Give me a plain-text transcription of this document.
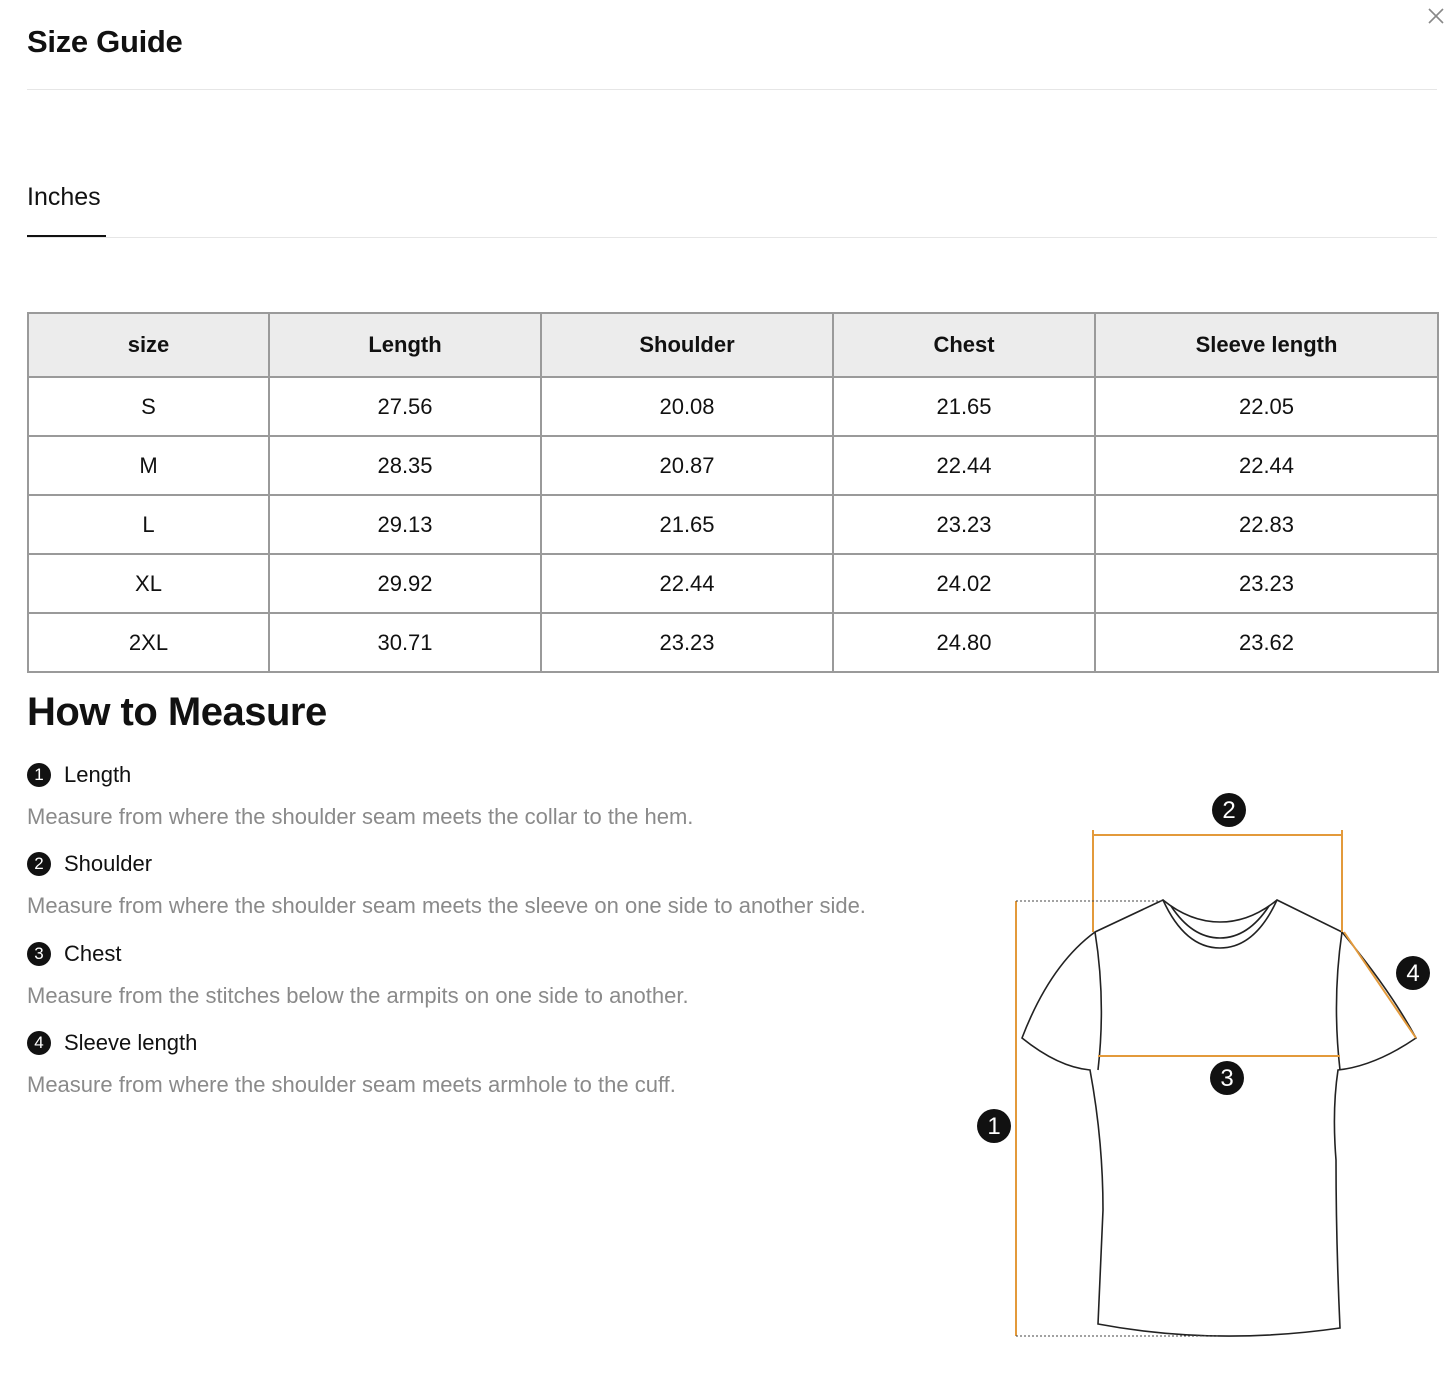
Size Guide
Inches
size	Length	Shoulder	Chest	Sleeve length
S	27.56	20.08	21.65	22.05
M	28.35	20.87	22.44	22.44
L	29.13	21.65	23.23	22.83
XL	29.92	22.44	24.02	23.23
2XL	30.71	23.23	24.80	23.62
How to Measure
1 Length
Measure from where the shoulder seam meets the collar to the hem.
2 Shoulder
Measure from where the shoulder seam meets the sleeve on one side to another side.
3 Chest
Measure from the stitches below the armpits on one side to another.
4 Sleeve length
Measure from where the shoulder seam meets armhole to the cuff.
1
2
3
4
